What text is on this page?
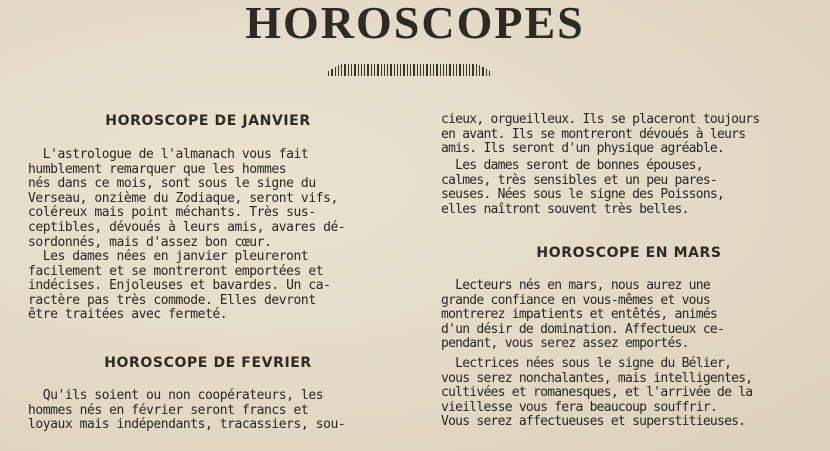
HOROSCOPES
HOROSCOPE DE JANVIER

L'astrologue de l'almanach vous fait
humblement remarquer que les hommes
nés dans ce mois, sont sous le signe du
Verseau, onzième du Zodiaque, seront vifs,
coléreux mais point méchants. Très sus-
ceptibles, dévoués à leurs amis, avares dé-
sordonnés, mais d'assez bon cœur.

Les dames nées en janvier pleureront
facilement et se montreront emportées et
indécises. Enjoleuses et bavardes. Un ca-
ractère pas très commode. Elles devront
être traitées avec fermeté.

HOROSCOPE DE FEVRIER

Qu'ils soient ou non coopérateurs, les
hommes nés en février seront francs et
loyaux mais indépendants, tracassiers, sou-

cieux, orgueilleux. Ils se placeront toujours
en avant. Ils se montreront dévoués à leurs
amis. Ils seront d'un physique agréable.

Les dames seront de bonnes épouses,
calmes, très sensibles et un peu pares-
seuses. Nées sous le signe des Poissons,
elles naîtront souvent très belles.

HOROSCOPE EN MARS

Lecteurs nés en mars, nous aurez une
grande confiance en vous-mêmes et vous
montrerez impatients et entêtés, animés
d'un désir de domination. Affectueux ce-
pendant, vous serez assez emportés.

Lectrices nées sous le signe du Bélier,
vous serez nonchalantes, mais intelligentes,
cultivées et romanesques, et l'arrivée de la
vieillesse vous fera beaucoup souffrir.
Vous serez affectueuses et superstitieuses.
